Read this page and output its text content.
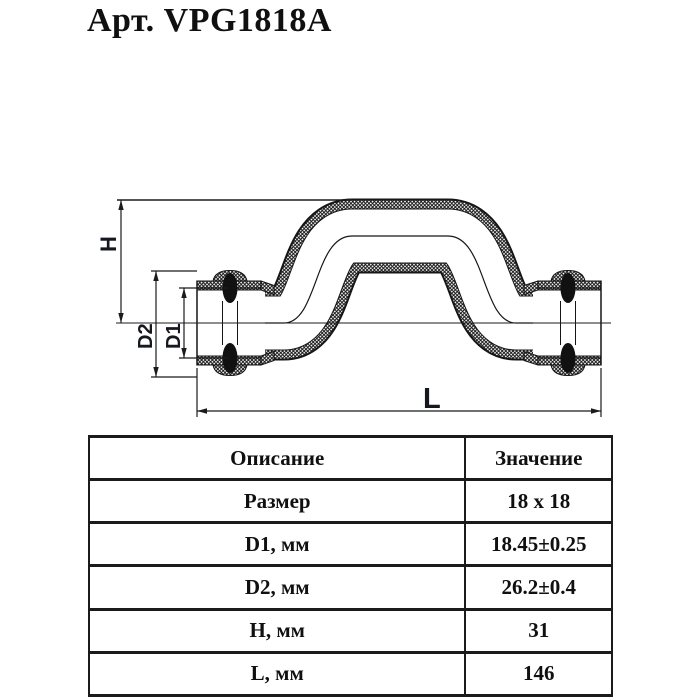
Арт. VPG1818A
H
D2 D1
L
Описание	Значение
Размер	18 x 18
D1, мм	18.45±0.25
D2, мм	26.2±0.4
H, мм	31
L, мм	146
